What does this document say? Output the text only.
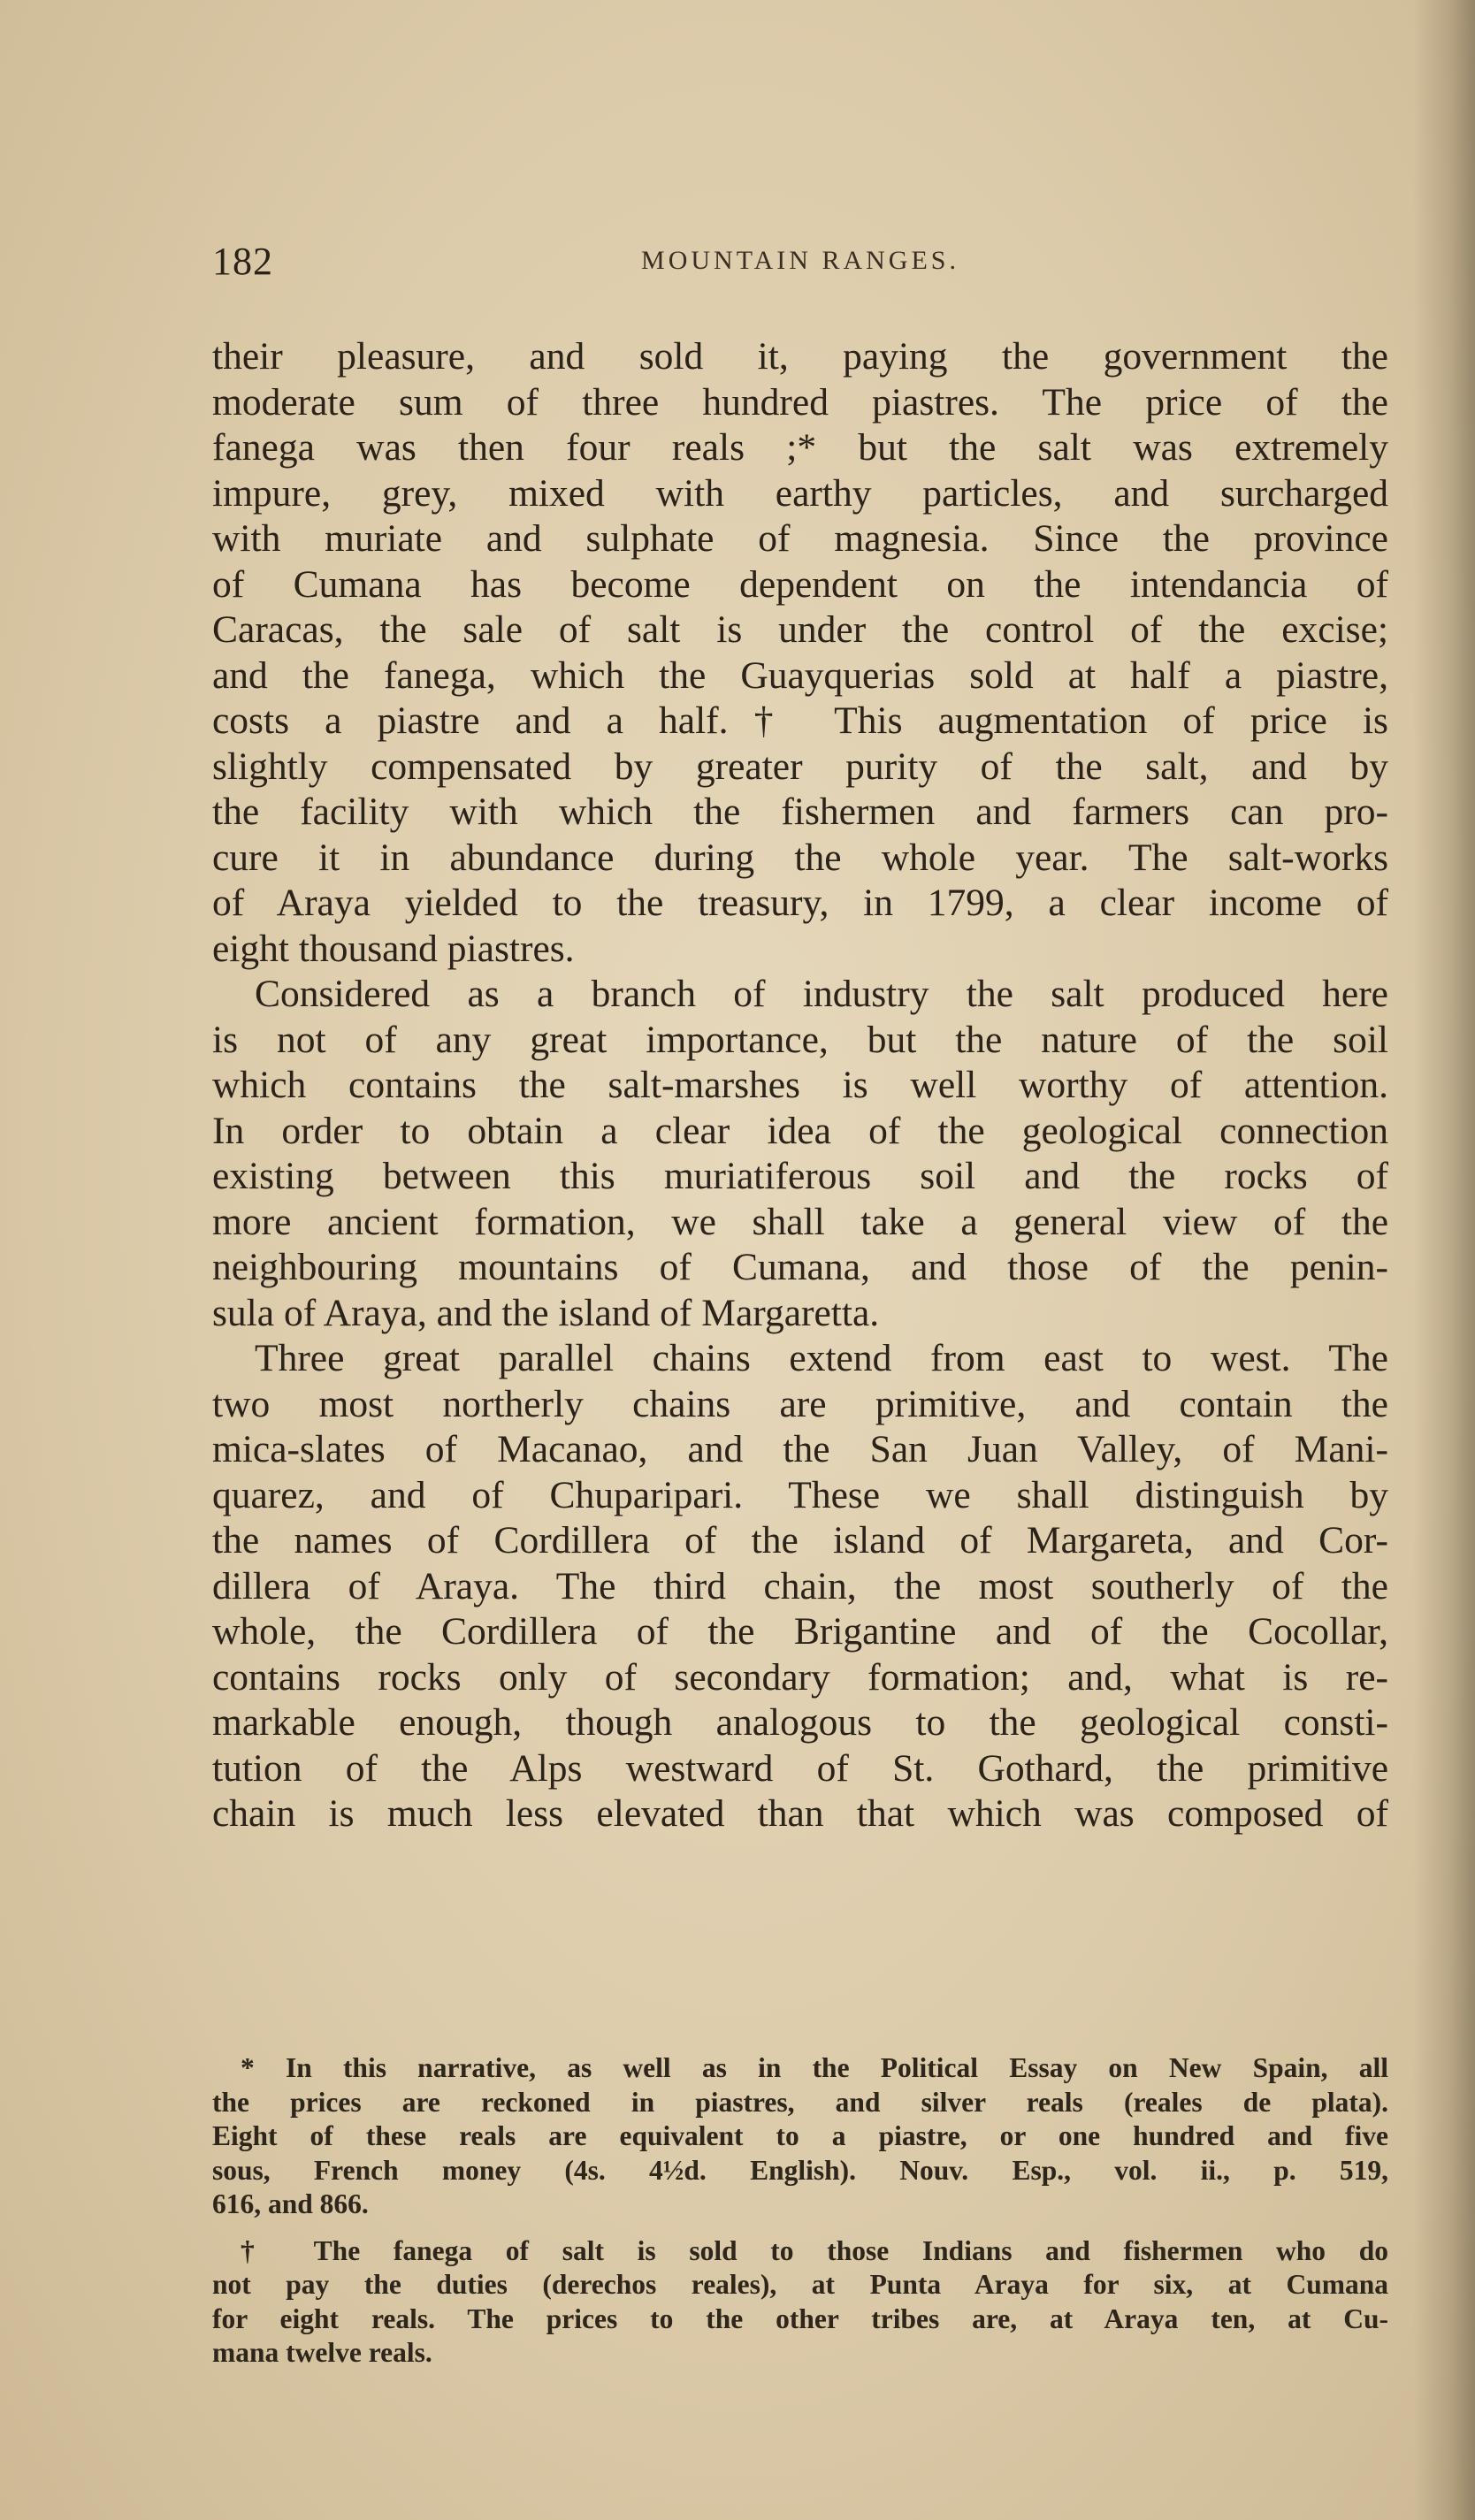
182	MOUNTAIN RANGES.
their pleasure, and sold it, paying the government the
moderate sum of three hundred piastres. The price of the
fanega was then four reals ;* but the salt was extremely
impure, grey, mixed with earthy particles, and surcharged
with muriate and sulphate of magnesia. Since the province
of Cumana has become dependent on the intendancia of
Caracas, the sale of salt is under the control of the excise;
and the fanega, which the Guayquerias sold at half a piastre,
costs a piastre and a half.† This augmentation of price is
slightly compensated by greater purity of the salt, and by
the facility with which the fishermen and farmers can pro-
cure it in abundance during the whole year. The salt-works
of Araya yielded to the treasury, in 1799, a clear income of
eight thousand piastres.
Considered as a branch of industry the salt produced here
is not of any great importance, but the nature of the soil
which contains the salt-marshes is well worthy of attention.
In order to obtain a clear idea of the geological connection
existing between this muriatiferous soil and the rocks of
more ancient formation, we shall take a general view of the
neighbouring mountains of Cumana, and those of the penin-
sula of Araya, and the island of Margaretta.
Three great parallel chains extend from east to west. The
two most northerly chains are primitive, and contain the
mica-slates of Macanao, and the San Juan Valley, of Mani-
quarez, and of Chuparipari. These we shall distinguish by
the names of Cordillera of the island of Margareta, and Cor-
dillera of Araya. The third chain, the most southerly of the
whole, the Cordillera of the Brigantine and of the Cocollar,
contains rocks only of secondary formation; and, what is re-
markable enough, though analogous to the geological consti-
tution of the Alps westward of St. Gothard, the primitive
chain is much less elevated than that which was composed of
* In this narrative, as well as in the Political Essay on New Spain, all
the prices are reckoned in piastres, and silver reals (reales de plata).
Eight of these reals are equivalent to a piastre, or one hundred and five
sous, French money (4s. 4½d. English). Nouv. Esp., vol. ii., p. 519,
616, and 866.
† The fanega of salt is sold to those Indians and fishermen who do
not pay the duties (derechos reales), at Punta Araya for six, at Cumana
for eight reals. The prices to the other tribes are, at Araya ten, at Cu-
mana twelve reals.
